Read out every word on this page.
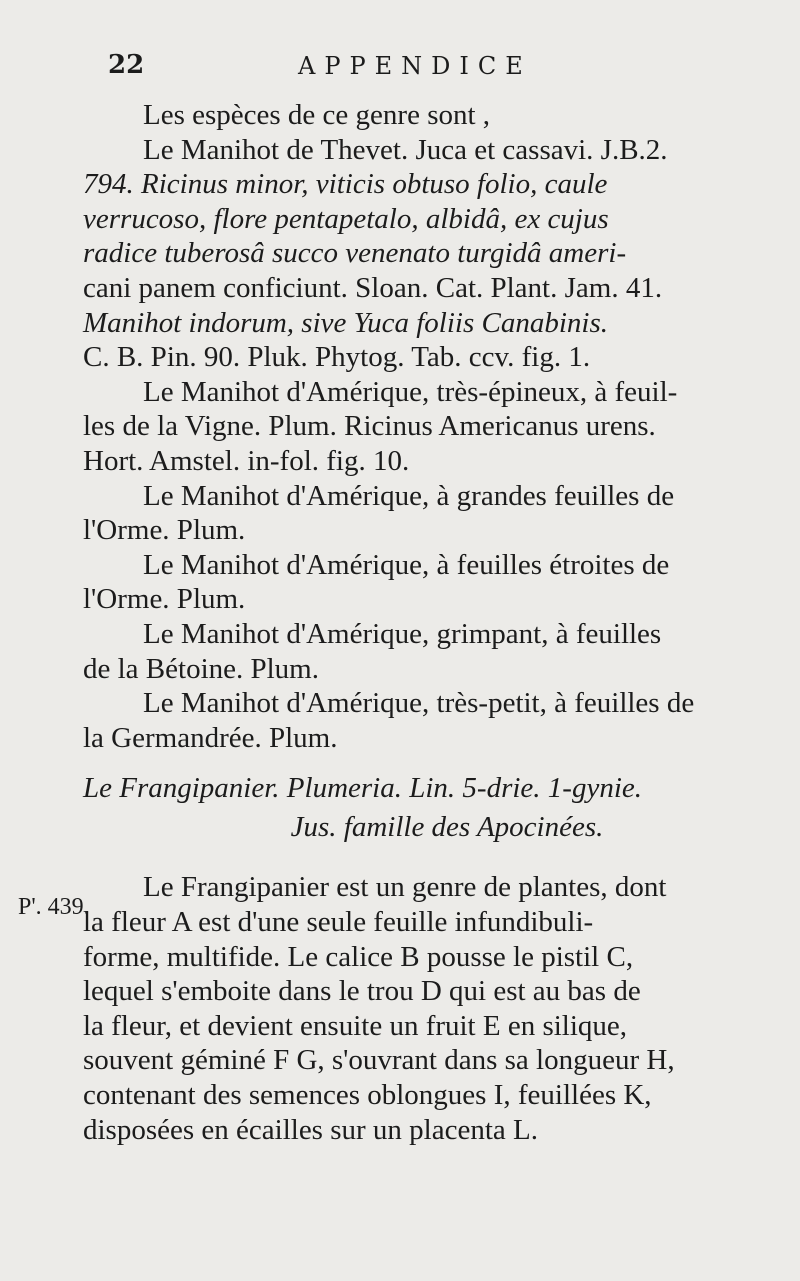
22	APPENDICE

Les espèces de ce genre sont ,

Le Manihot de Thevet. Juca et cassavi. J.B.2.
794. Ricinus minor, viticis obtuso folio, caule
verrucoso, flore pentapetalo, albidâ, ex cujus
radice tuberosâ succo venenato turgidâ ameri-
cani panem conficiunt. Sloan. Cat. Plant. Jam. 41.
Manihot indorum, sive Yuca foliis Canabinis.
C. B. Pin. 90. Pluk. Phytog. Tab. ccv. fig. 1.

Le Manihot d'Amérique, très-épineux, à feuil-
les de la Vigne. Plum. Ricinus Americanus urens.
Hort. Amstel. in-fol. fig. 10.

Le Manihot d'Amérique, à grandes feuilles de
l'Orme. Plum.

Le Manihot d'Amérique, à feuilles étroites de
l'Orme. Plum.

Le Manihot d'Amérique, grimpant, à feuilles
de la Bétoine. Plum.

Le Manihot d'Amérique, très-petit, à feuilles de
la Germandrée. Plum.

Le Frangipanier. Plumeria. Lin. 5-drie. 1-gynie.

Jus. famille des Apocinées.

Le Frangipanier est un genre de plantes, dont
la fleur A est d'une seule feuille infundibuli-
forme, multifide. Le calice B pousse le pistil C,
lequel s'emboite dans le trou D qui est au bas de
la fleur, et devient ensuite un fruit E en silique,
souvent géminé F G, s'ouvrant dans sa longueur H,
contenant des semences oblongues I, feuillées K,
disposées en écailles sur un placenta L.

P'. 439.
